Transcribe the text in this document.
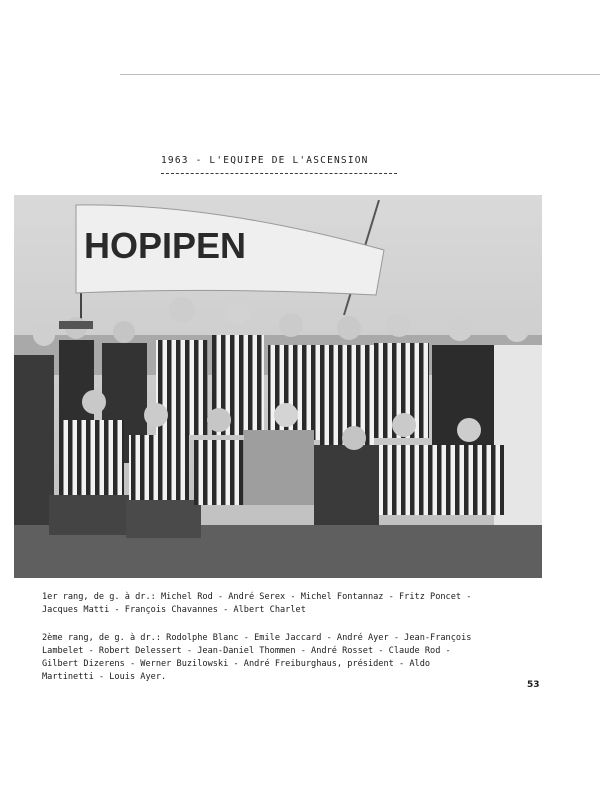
1963 - L'EQUIPE DE L'ASCENSION
HOPIPEN
1er rang, de g. à dr.: Michel Rod - André Serex - Michel Fontannaz - Fritz Poncet -
Jacques Matti - François Chavannes - Albert Charlet
2ème rang, de g. à dr.: Rodolphe Blanc - Emile Jaccard - André Ayer - Jean-François
Lambelet - Robert Delessert - Jean-Daniel Thommen - André Rosset - Claude Rod -
Gilbert Dizerens - Werner Buzilowski - André Freiburghaus, président - Aldo
Martinetti - Louis Ayer.
53
